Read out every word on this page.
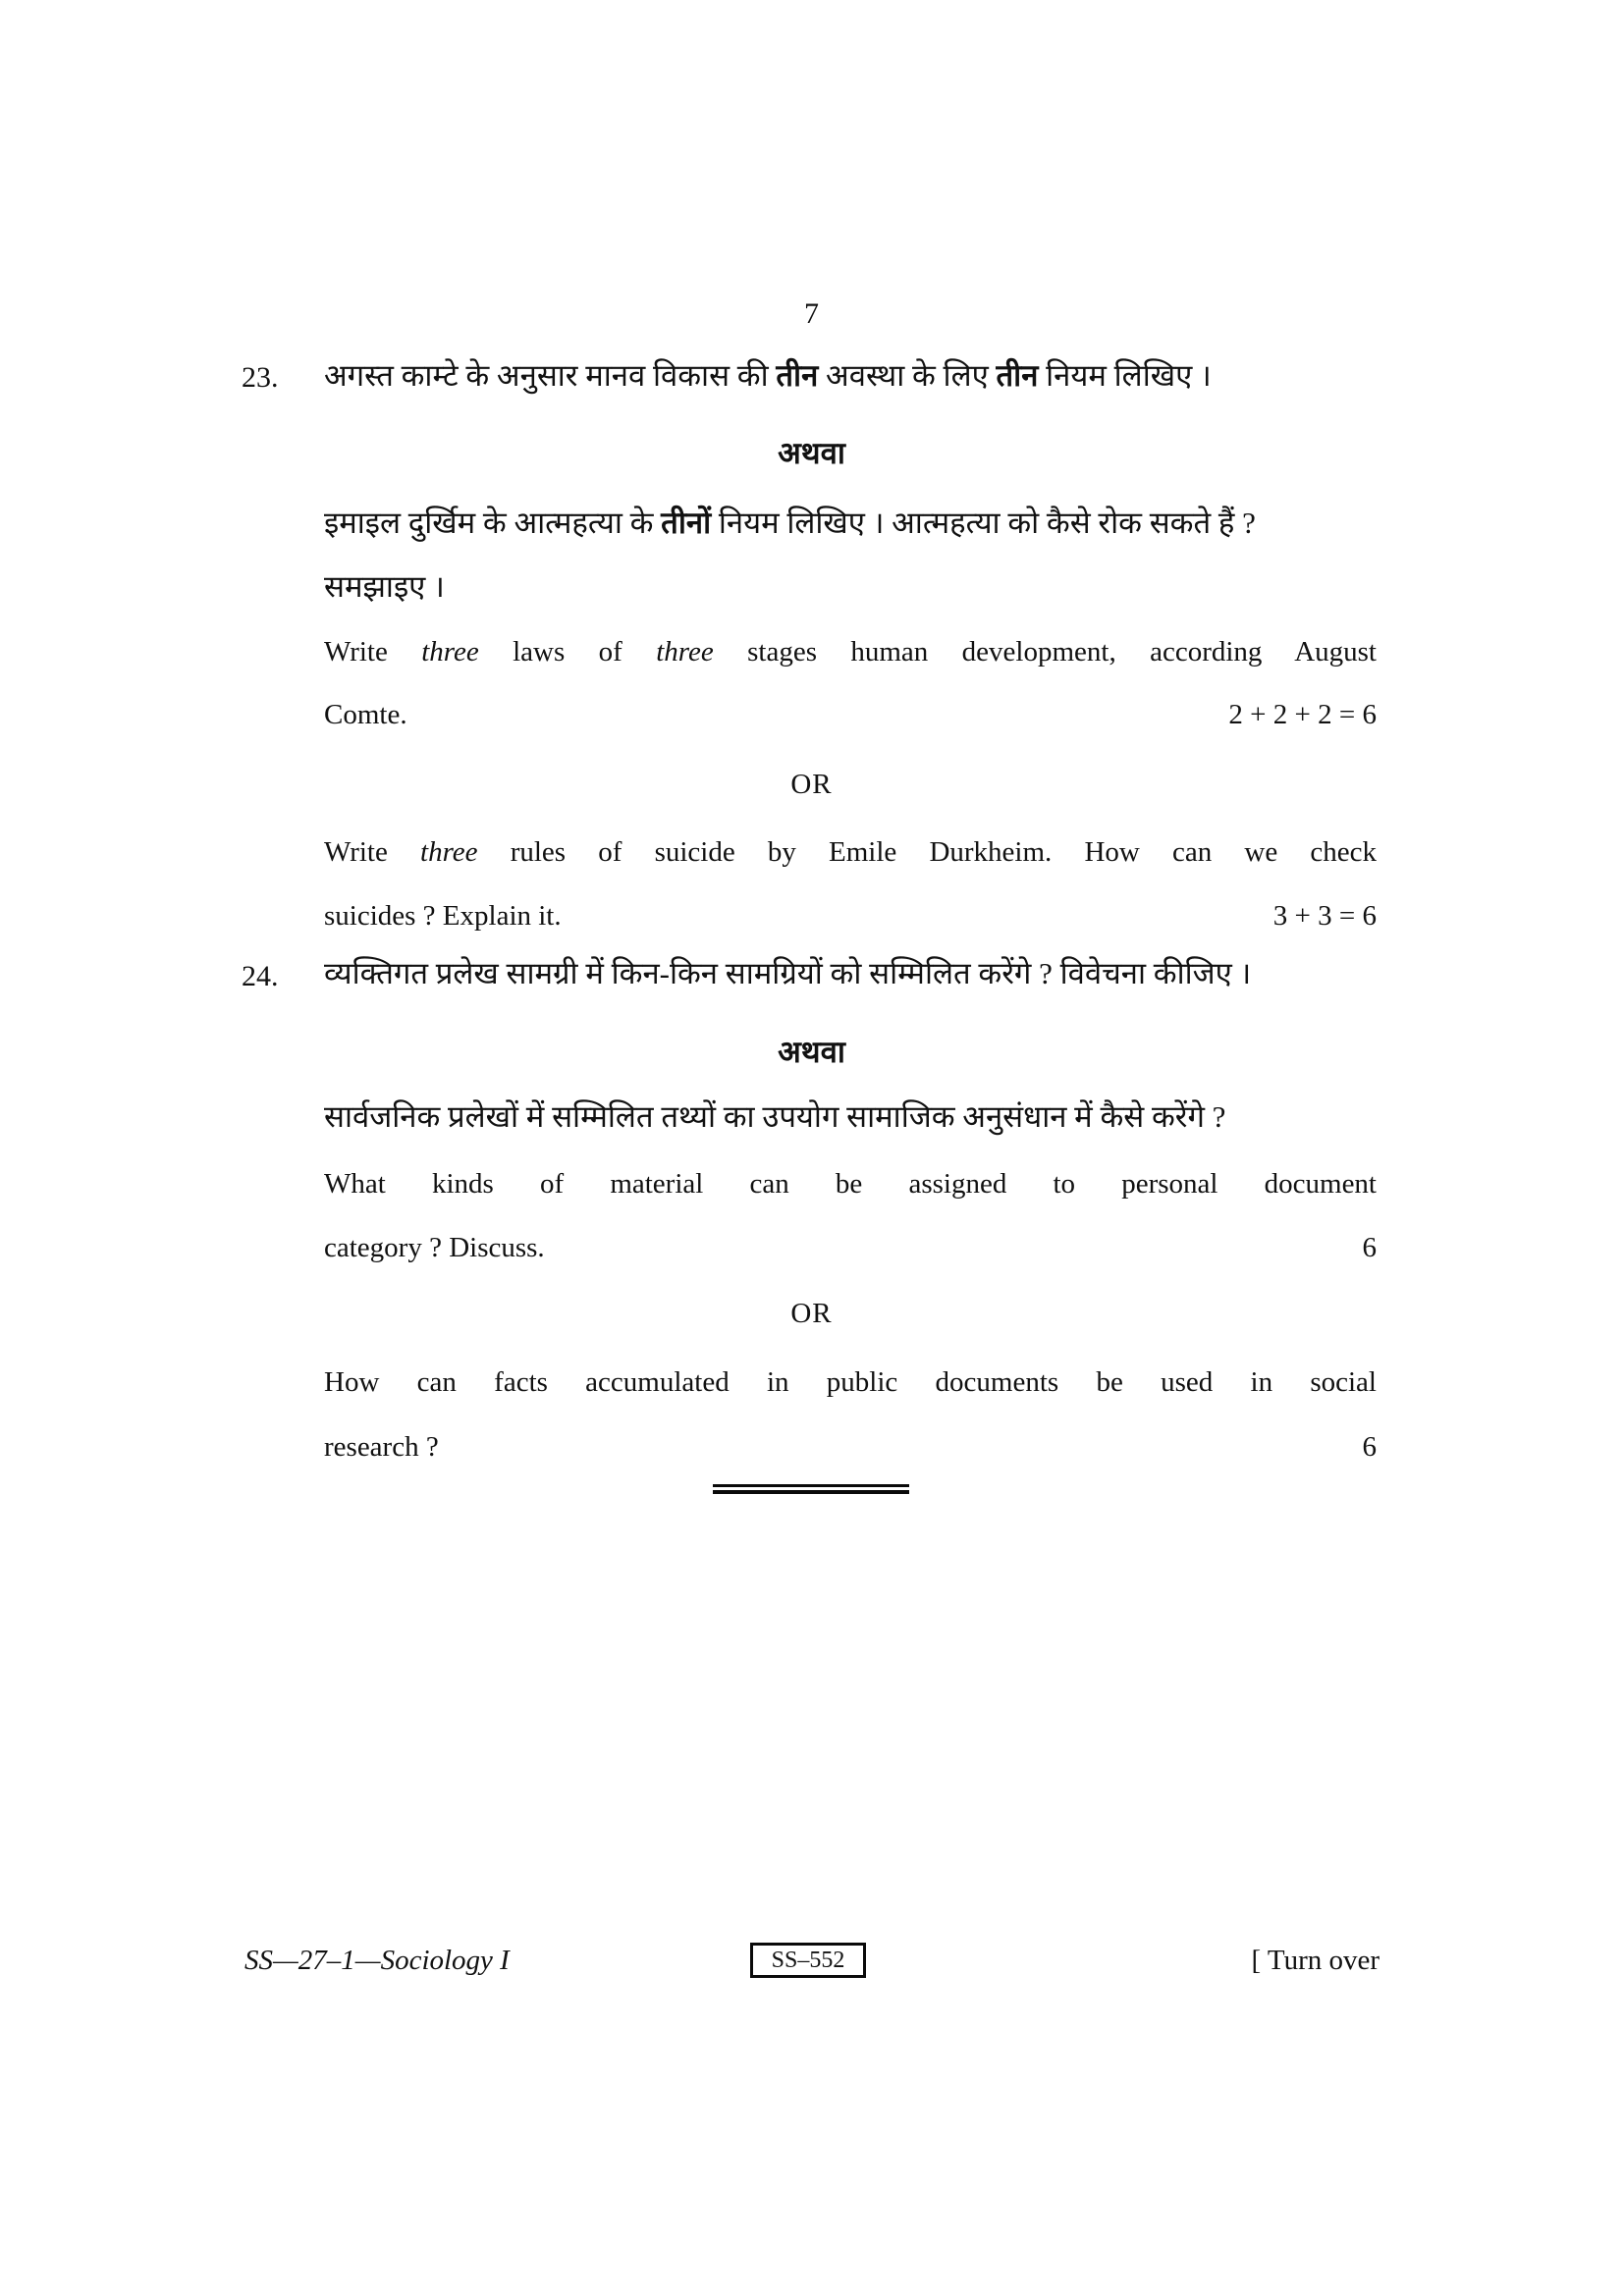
7
23.	अगस्त काम्टे के अनुसार मानव विकास की तीन अवस्था के लिए तीन नियम लिखिए ।
अथवा
इमाइल दुर्खिम के आत्महत्या के तीनों नियम लिखिए । आत्महत्या को कैसे रोक सकते हैं ?
समझाइए ।
Write three laws of three stages human development, according August
Comte.	2 + 2 + 2 = 6
OR
Write three rules of suicide by Emile Durkheim. How can we check
suicides ? Explain it.	3 + 3 = 6
24.	व्यक्तिगत प्रलेख सामग्री में किन-किन सामग्रियों को सम्मिलित करेंगे ? विवेचना कीजिए ।
अथवा
सार्वजनिक प्रलेखों में सम्मिलित तथ्यों का उपयोग सामाजिक अनुसंधान में कैसे करेंगे ?
What kinds of material can be assigned to personal document
category ? Discuss.	6
OR
How can facts accumulated in public documents be used in social
research ?	6
SS—27–1—Sociology I	SS–552	[ Turn over
